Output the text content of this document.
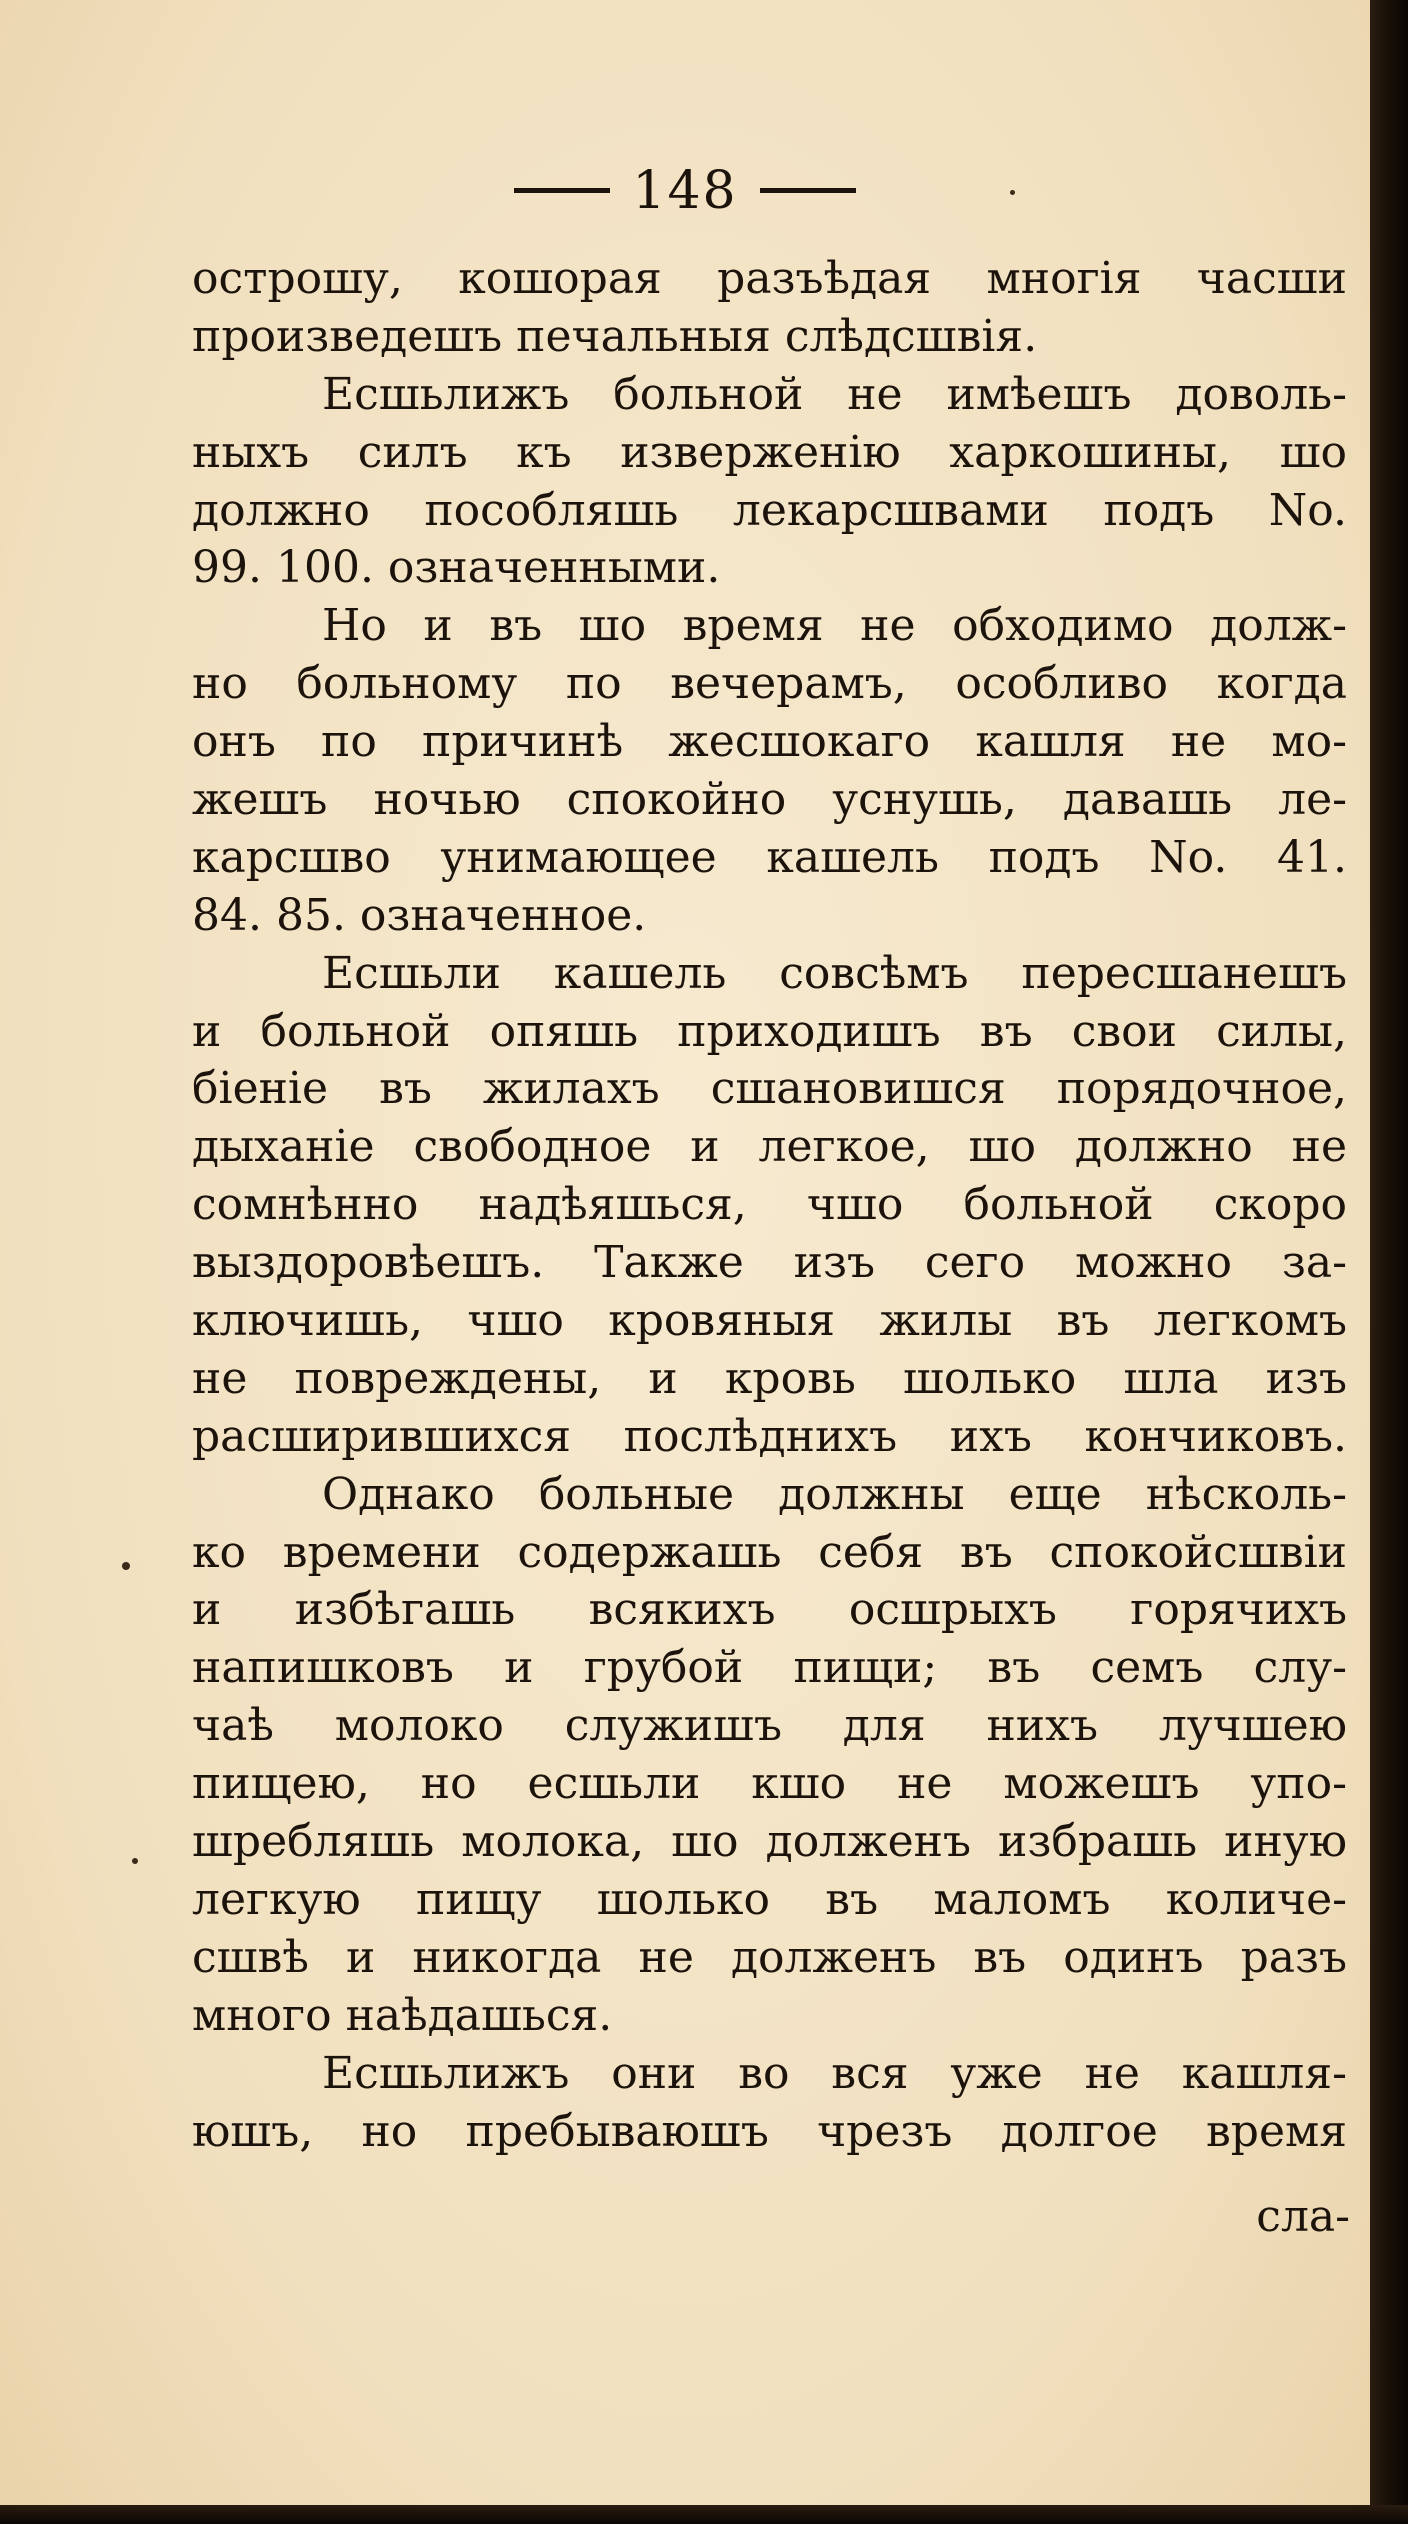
148
острошу, кошорая разъѣдая многія часши
произведешъ печальныя слѣдсшвія.
Есшьлижъ больной не имѣешъ доволь-
ныхъ силъ къ изверженію харкошины, шо
должно пособляшь лекарсшвами подъ No.
99. 100. означенными.
Но и въ шо время не обходимо долж-
но больному по вечерамъ, особливо когда
онъ по причинѣ жесшокаго кашля не мо-
жешъ ночью спокойно уснушь, давашь ле-
карсшво унимающее кашель подъ No. 41.
84. 85. означенное.
Есшьли кашель совсѣмъ пересшанешъ
и больной опяшь приходишъ въ свои силы,
біеніе въ жилахъ сшановишся порядочное,
дыханіе свободное и легкое, шо должно не
сомнѣнно надѣяшься, чшо больной скоро
выздоровѣешъ. Также изъ сего можно за-
ключишь, чшо кровяныя жилы въ легкомъ
не повреждены, и кровь шолько шла изъ
расширившихся послѣднихъ ихъ кончиковъ.
Однако больные должны еще нѣсколь-
ко времени содержашь себя въ спокойсшвіи
и избѣгашь всякихъ осшрыхъ горячихъ
напишковъ и грубой пищи; въ семъ слу-
чаѣ молоко служишъ для нихъ лучшею
пищею, но есшьли кшо не можешъ упо-
шребляшь молока, шо долженъ избрашь иную
легкую пищу шолько въ маломъ количе-
сшвѣ и никогда не долженъ въ одинъ разъ
много наѣдашься.
Есшьлижъ они во вся уже не кашля-
юшъ, но пребываюшъ чрезъ долгое время
сла-
